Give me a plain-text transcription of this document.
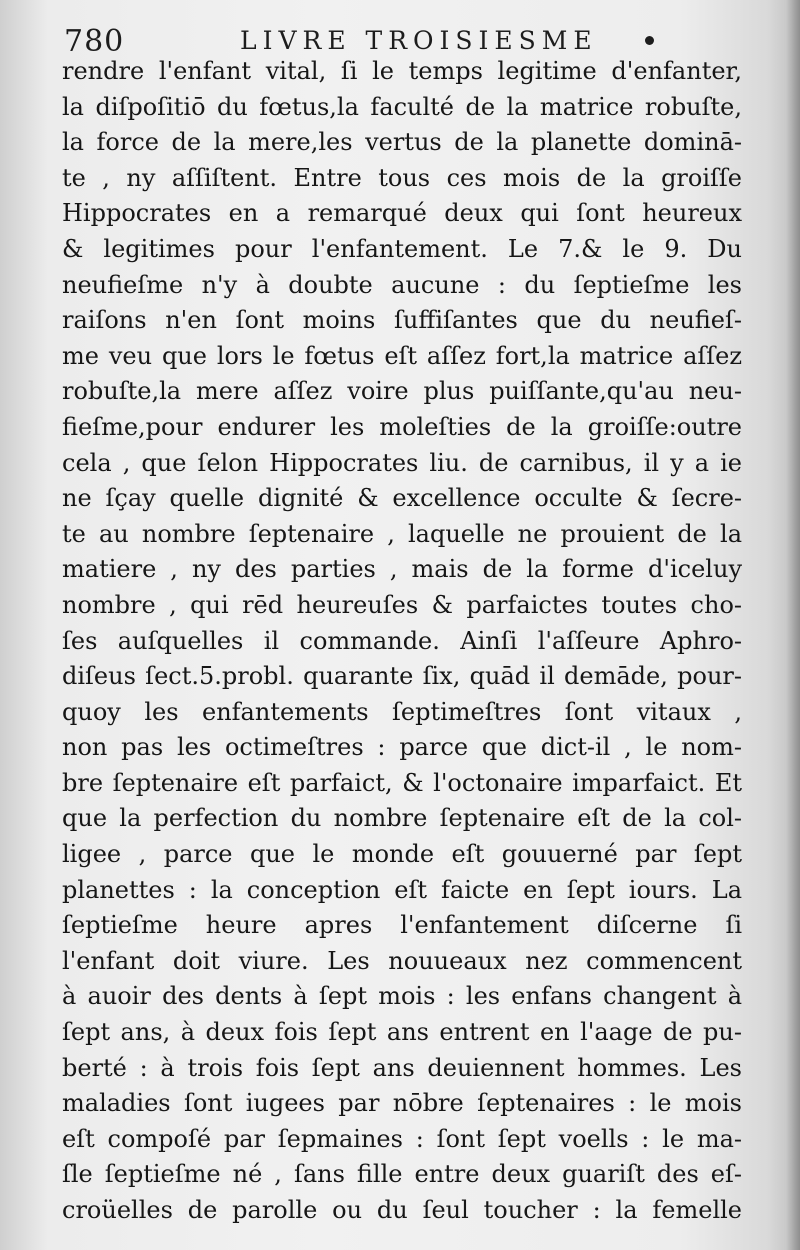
780	LIVRE TROISIESME
rendre l'enfant vital, ſi le temps legitime d'enfanter,
la diſpoſitiō du fœtus,la faculté de la matrice robuſte,
la force de la mere,les vertus de la planette dominā-
te , ny aſſiſtent. Entre tous ces mois de la groiſſe
Hippocrates en a remarqué deux qui ſont heureux
& legitimes pour l'enfantement. Le 7.& le 9. Du
neufieſme n'y à doubte aucune : du ſeptieſme les
raiſons n'en ſont moins ſuffiſantes que du neufieſ-
me veu que lors le fœtus eſt aſſez fort,la matrice aſſez
robuſte,la mere aſſez voire plus puiſſante,qu'au neu-
fieſme,pour endurer les moleſties de la groiſſe:outre
cela , que ſelon Hippocrates liu. de carnibus, il y a ie
ne ſçay quelle dignité & excellence occulte & ſecre-
te au nombre ſeptenaire , laquelle ne prouient de la
matiere , ny des parties , mais de la forme d'iceluy
nombre , qui rēd heureuſes & parfaictes toutes cho-
ſes auſquelles il commande. Ainſi l'aſſeure Aphro-
diſeus ſect.5.probl. quarante ſix, quād il demāde, pour-
quoy les enfantements ſeptimeſtres ſont vitaux ,
non pas les octimeſtres : parce que dict-il , le nom-
bre ſeptenaire eſt parfaict, & l'octonaire imparfaict. Et
que la perfection du nombre ſeptenaire eſt de la col-
ligee , parce que le monde eſt gouuerné par ſept
planettes : la conception eſt faicte en ſept iours. La
ſeptieſme heure apres l'enfantement diſcerne ſi
l'enfant doit viure. Les nouueaux nez commencent
à auoir des dents à ſept mois : les enfans changent à
ſept ans, à deux fois ſept ans entrent en l'aage de pu-
berté : à trois fois ſept ans deuiennent hommes. Les
maladies ſont iugees par nōbre ſeptenaires : le mois
eſt compoſé par ſepmaines : ſont ſept voells : le ma-
ſle ſeptieſme né , ſans fille entre deux guariſt des eſ-
croüelles de parolle ou du ſeul toucher : la femelle
